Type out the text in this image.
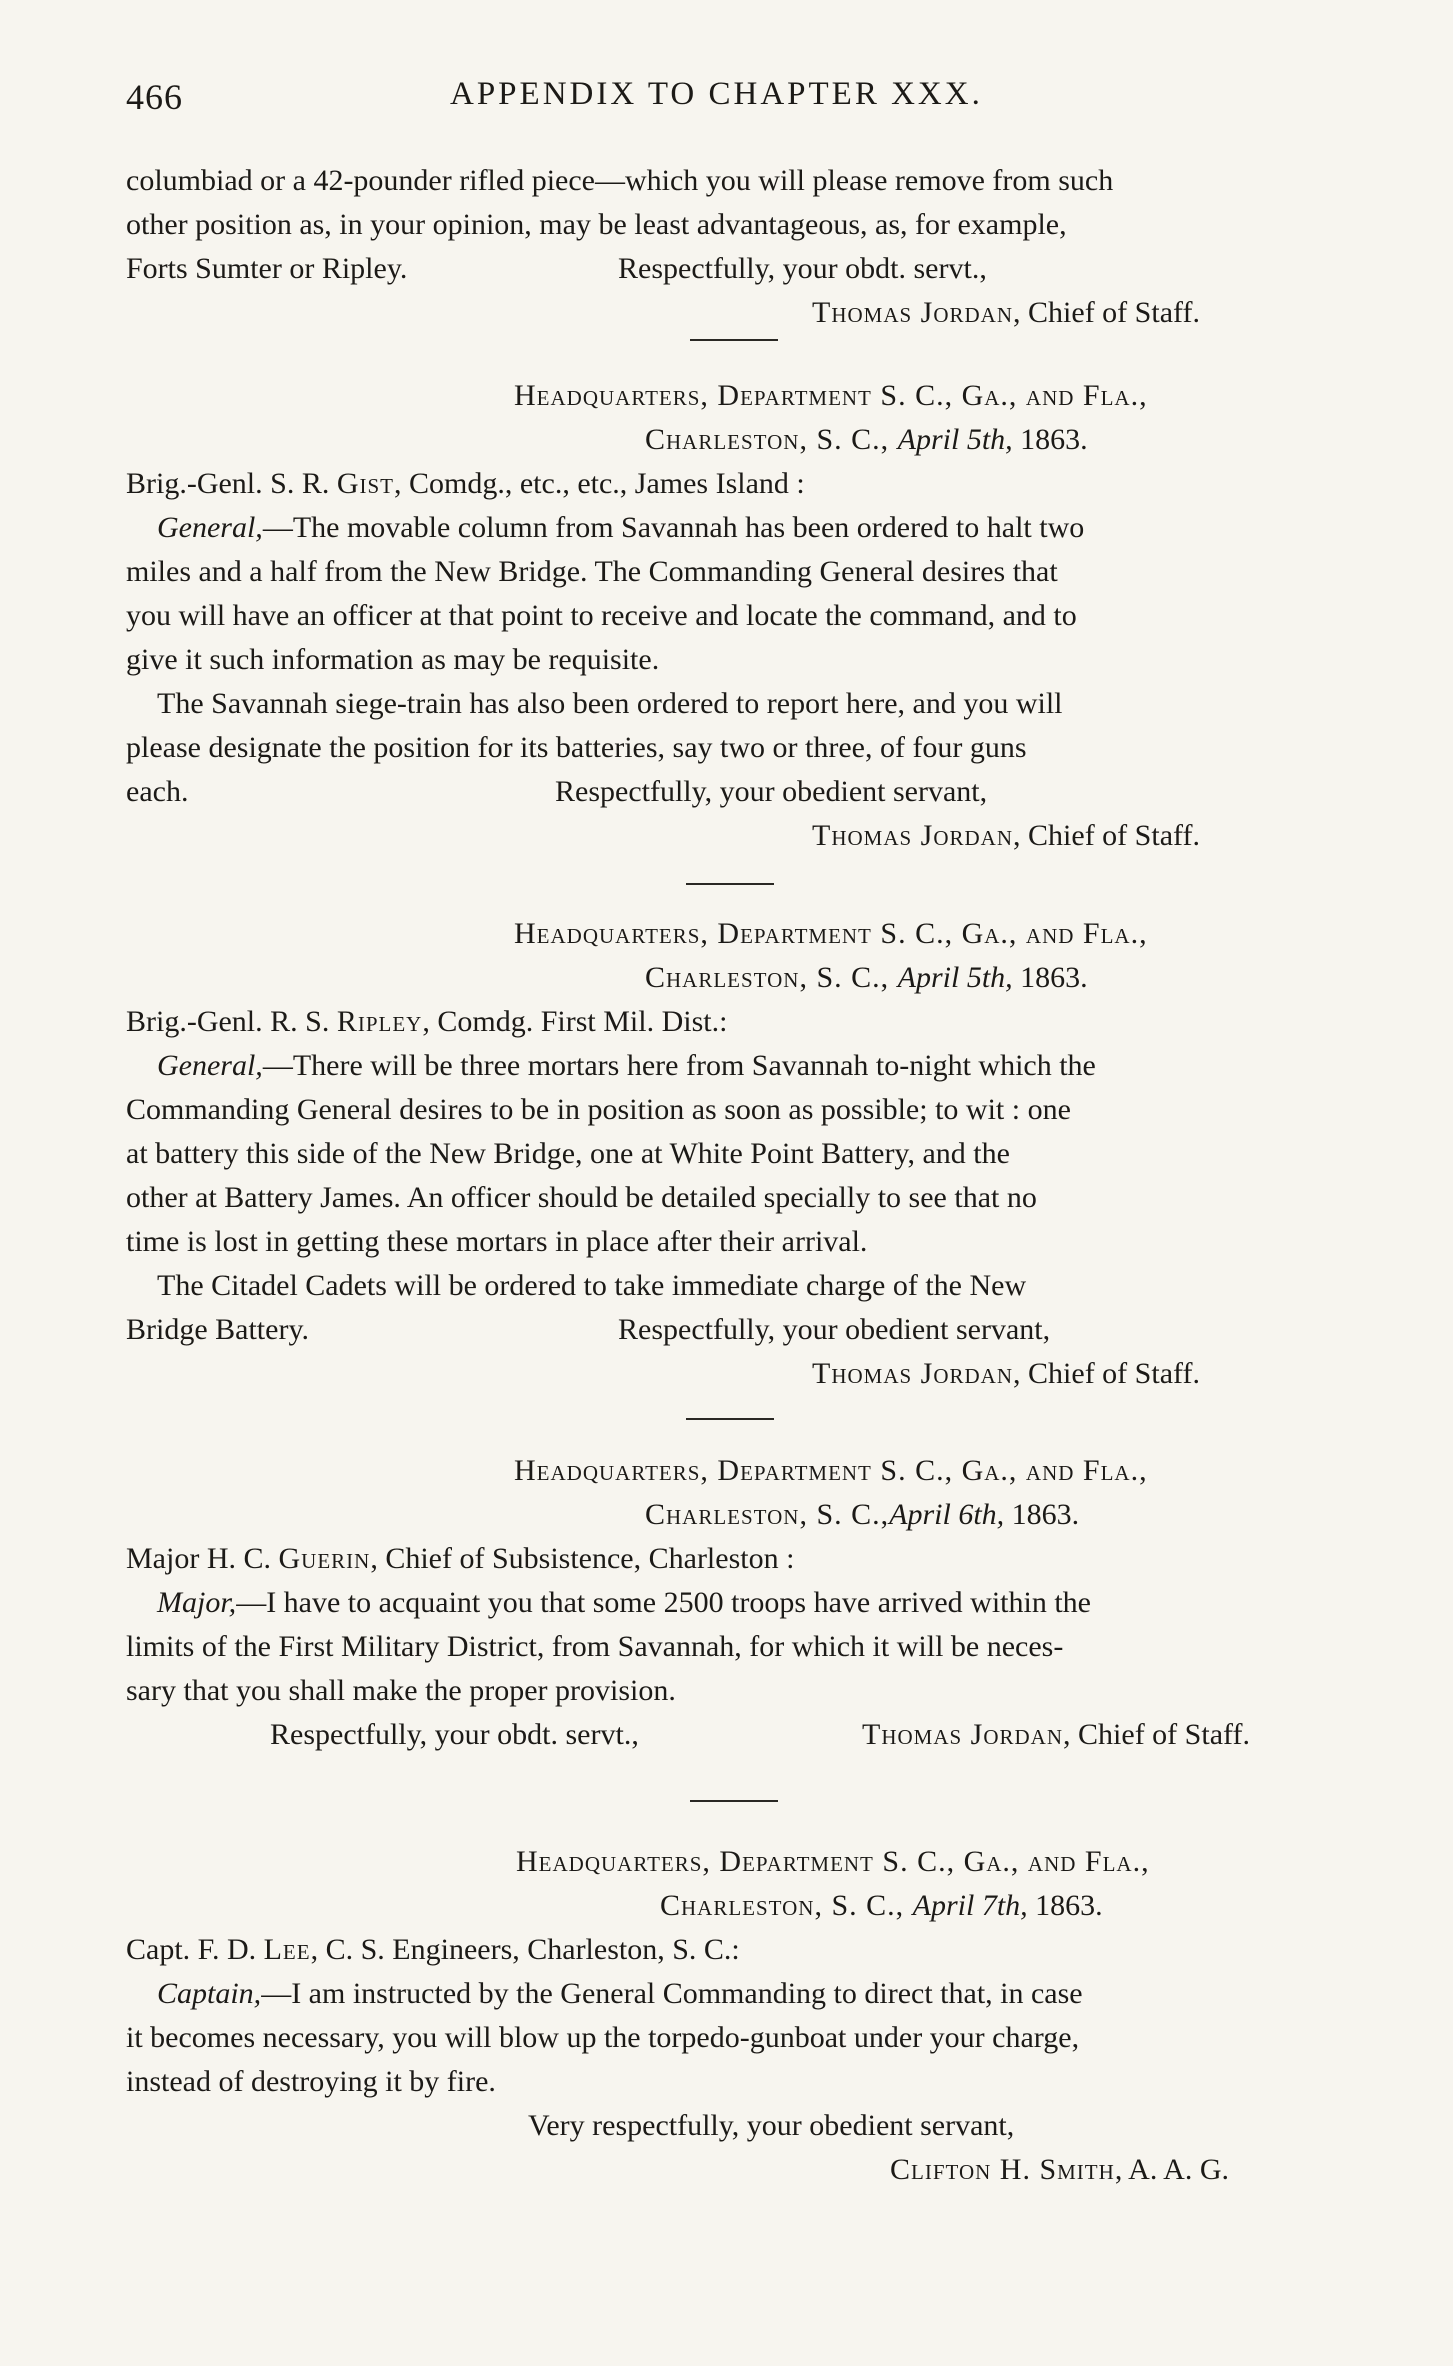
466	APPENDIX TO CHAPTER XXX.
columbiad or a 42-pounder rifled piece—which you will please remove from such
other position as, in your opinion, may be least advantageous, as, for example,
Forts Sumter or Ripley.	Respectfully, your obdt. servt.,
Thomas Jordan, Chief of Staff.
Headquarters, Department S. C., Ga., and Fla.,
Charleston, S. C., April 5th, 1863.
Brig.-Genl. S. R. Gist, Comdg., etc., etc., James Island :
General,—The movable column from Savannah has been ordered to halt two
miles and a half from the New Bridge. The Commanding General desires that
you will have an officer at that point to receive and locate the command, and to
give it such information as may be requisite.
The Savannah siege-train has also been ordered to report here, and you will
please designate the position for its batteries, say two or three, of four guns
each.	Respectfully, your obedient servant,
Thomas Jordan, Chief of Staff.
Headquarters, Department S. C., Ga., and Fla.,
Charleston, S. C., April 5th, 1863.
Brig.-Genl. R. S. Ripley, Comdg. First Mil. Dist.:
General,—There will be three mortars here from Savannah to-night which the
Commanding General desires to be in position as soon as possible; to wit : one
at battery this side of the New Bridge, one at White Point Battery, and the
other at Battery James. An officer should be detailed specially to see that no
time is lost in getting these mortars in place after their arrival.
The Citadel Cadets will be ordered to take immediate charge of the New
Bridge Battery.	Respectfully, your obedient servant,
Thomas Jordan, Chief of Staff.
Headquarters, Department S. C., Ga., and Fla.,
Charleston, S. C.,April 6th, 1863.
Major H. C. Guerin, Chief of Subsistence, Charleston :
Major,—I have to acquaint you that some 2500 troops have arrived within the
limits of the First Military District, from Savannah, for which it will be neces-
sary that you shall make the proper provision.
Respectfully, your obdt. servt.,	Thomas Jordan, Chief of Staff.
Headquarters, Department S. C., Ga., and Fla.,
Charleston, S. C., April 7th, 1863.
Capt. F. D. Lee, C. S. Engineers, Charleston, S. C.:
Captain,—I am instructed by the General Commanding to direct that, in case
it becomes necessary, you will blow up the torpedo-gunboat under your charge,
instead of destroying it by fire.
Very respectfully, your obedient servant,
Clifton H. Smith, A. A. G.
